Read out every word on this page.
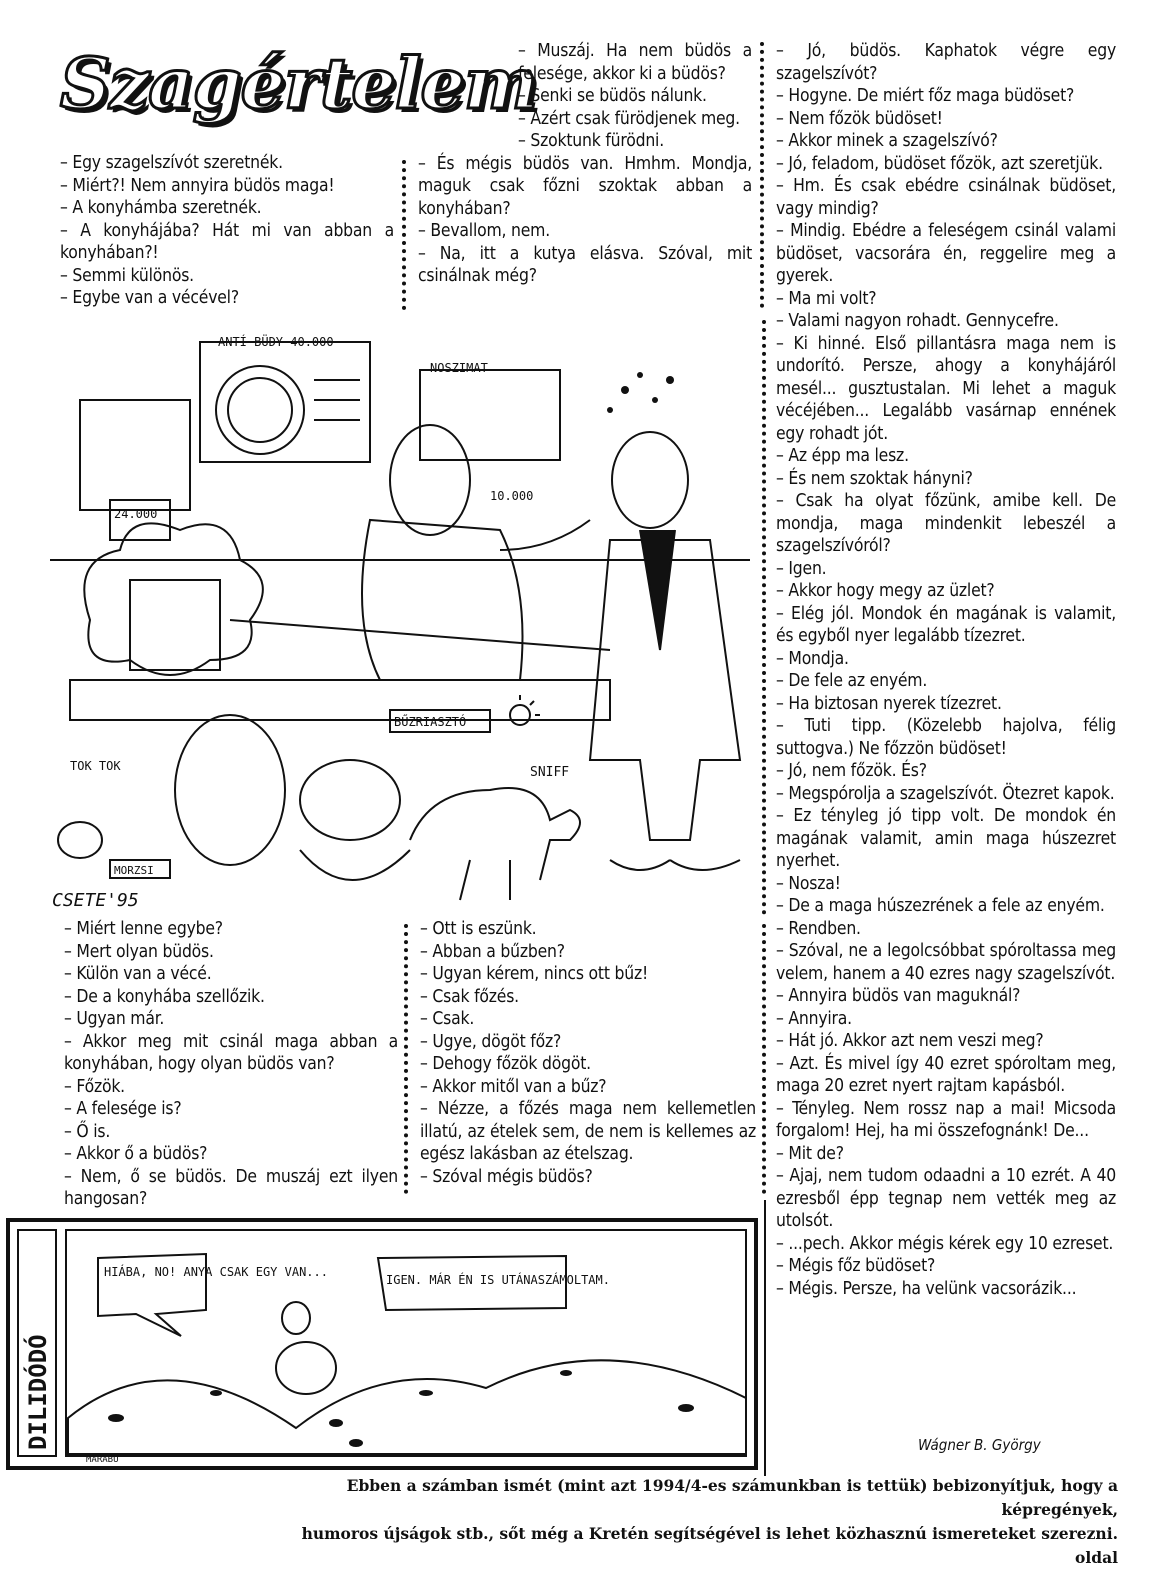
Szagértelem

– Egy szagelszívót szeretnék.

– Miért?! Nem annyira büdös maga!

– A konyhámba szeretnék.

– A konyhájába? Hát mi van abban a konyhában?!

– Semmi különös.

– Egybe van a vécével?

– Muszáj. Ha nem büdös a felesége, akkor ki a büdös?

– Senki se büdös nálunk.

– Azért csak fürödjenek meg.

– Szoktunk fürödni.

– És mégis büdös van. Hmhm. Mondja, maguk csak főzni szoktak abban a konyhában?

– Bevallom, nem.

– Na, itt a kutya elásva. Szóval, mit csinálnak még?

– Jó, büdös. Kaphatok végre egy szagelszívót?

– Hogyne. De miért főz maga büdöset?

– Nem főzök büdöset!

– Akkor minek a szagelszívó?

– Jó, feladom, büdöset főzök, azt szeretjük.

– Hm. És csak ebédre csinálnak büdöset, vagy mindig?

– Mindig. Ebédre a feleségem csinál valami büdöset, vacsorára én, reggelire meg a gyerek.

– Ma mi volt?

– Valami nagyon rohadt. Gennycefre.

– Ki hinné. Első pillantásra maga nem is undorító. Persze, ahogy a konyhájáról mesél... gusztustalan. Mi lehet a maguk vécéjében... Legalább vasárnap ennének egy rohadt jót.

– Az épp ma lesz.

– És nem szoktak hányni?

– Csak ha olyat főzünk, amibe kell. De mondja, maga mindenkit lebeszél a szagelszívóról?

– Igen.

– Akkor hogy megy az üzlet?

– Elég jól. Mondok én magának is valamit, és egyből nyer legalább tízezret.

– Mondja.

– De fele az enyém.

– Ha biztosan nyerek tízezret.

– Tuti tipp. (Közelebb hajolva, félig suttogva.) Ne főzzön büdöset!

– Jó, nem főzök. És?

– Megspórolja a szagelszívót. Ötezret kapok.

– Ez tényleg jó tipp volt. De mondok én magának valamit, amin maga húszezret nyerhet.

– Nosza!

– De a maga húszezrének a fele az enyém.

– Rendben.

– Szóval, ne a legolcsóbbat spóroltassa meg velem, hanem a 40 ezres nagy szagelszívót.

– Annyira büdös van maguknál?

– Annyira.

– Hát jó. Akkor azt nem veszi meg?

– Azt. És mivel így 40 ezret spóroltam meg, maga 20 ezret nyert rajtam kapásból.

– Tényleg. Nem rossz nap a mai! Micsoda forgalom! Hej, ha mi összefognánk! De...

– Mit de?

– Ajaj, nem tudom odaadni a 10 ezrét. A 40 ezresből épp tegnap nem vették meg az utolsót.

– ...pech. Akkor mégis kérek egy 10 ezreset.

– Mégis főz büdöset?

– Mégis. Persze, ha velünk vacsorázik...

ANTÍ BÜDY 40.000
NOSZIMAT
24.000
10.000
MORZSI
BŰZRIASZTÓ
SNIFF
TOK TOK
CSETE'95

– Miért lenne egybe?

– Mert olyan büdös.

– Külön van a vécé.

– De a konyhába szellőzik.

– Ugyan már.

– Akkor meg mit csinál maga abban a konyhában, hogy olyan büdös van?

– Főzök.

– A felesége is?

– Ő is.

– Akkor ő a büdös?

– Nem, ő se büdös. De muszáj ezt ilyen hangosan?

– Ott is eszünk.

– Abban a bűzben?

– Ugyan kérem, nincs ott bűz!

– Csak főzés.

– Csak.

– Ugye, dögöt főz?

– Dehogy főzök dögöt.

– Akkor mitől van a bűz?

– Nézze, a főzés maga nem kellemetlen illatú, az ételek sem, de nem is kellemes az egész lakásban az ételszag.

– Szóval mégis büdös?

DILIDÓDÓ
HIÁBA, NO! ANYA CSAK EGY VAN...
IGEN. MÁR ÉN IS UTÁNASZÁMOLTAM.
MARABU
Wágner B. György
Ebben a számban ismét (mint azt 1994/4-es számunkban is tettük) bebizonyítjuk, hogy a képregények,
humoros újságok stb., sőt még a Kretén segítségével is lehet közhasznú ismereteket szerezni. oldal
